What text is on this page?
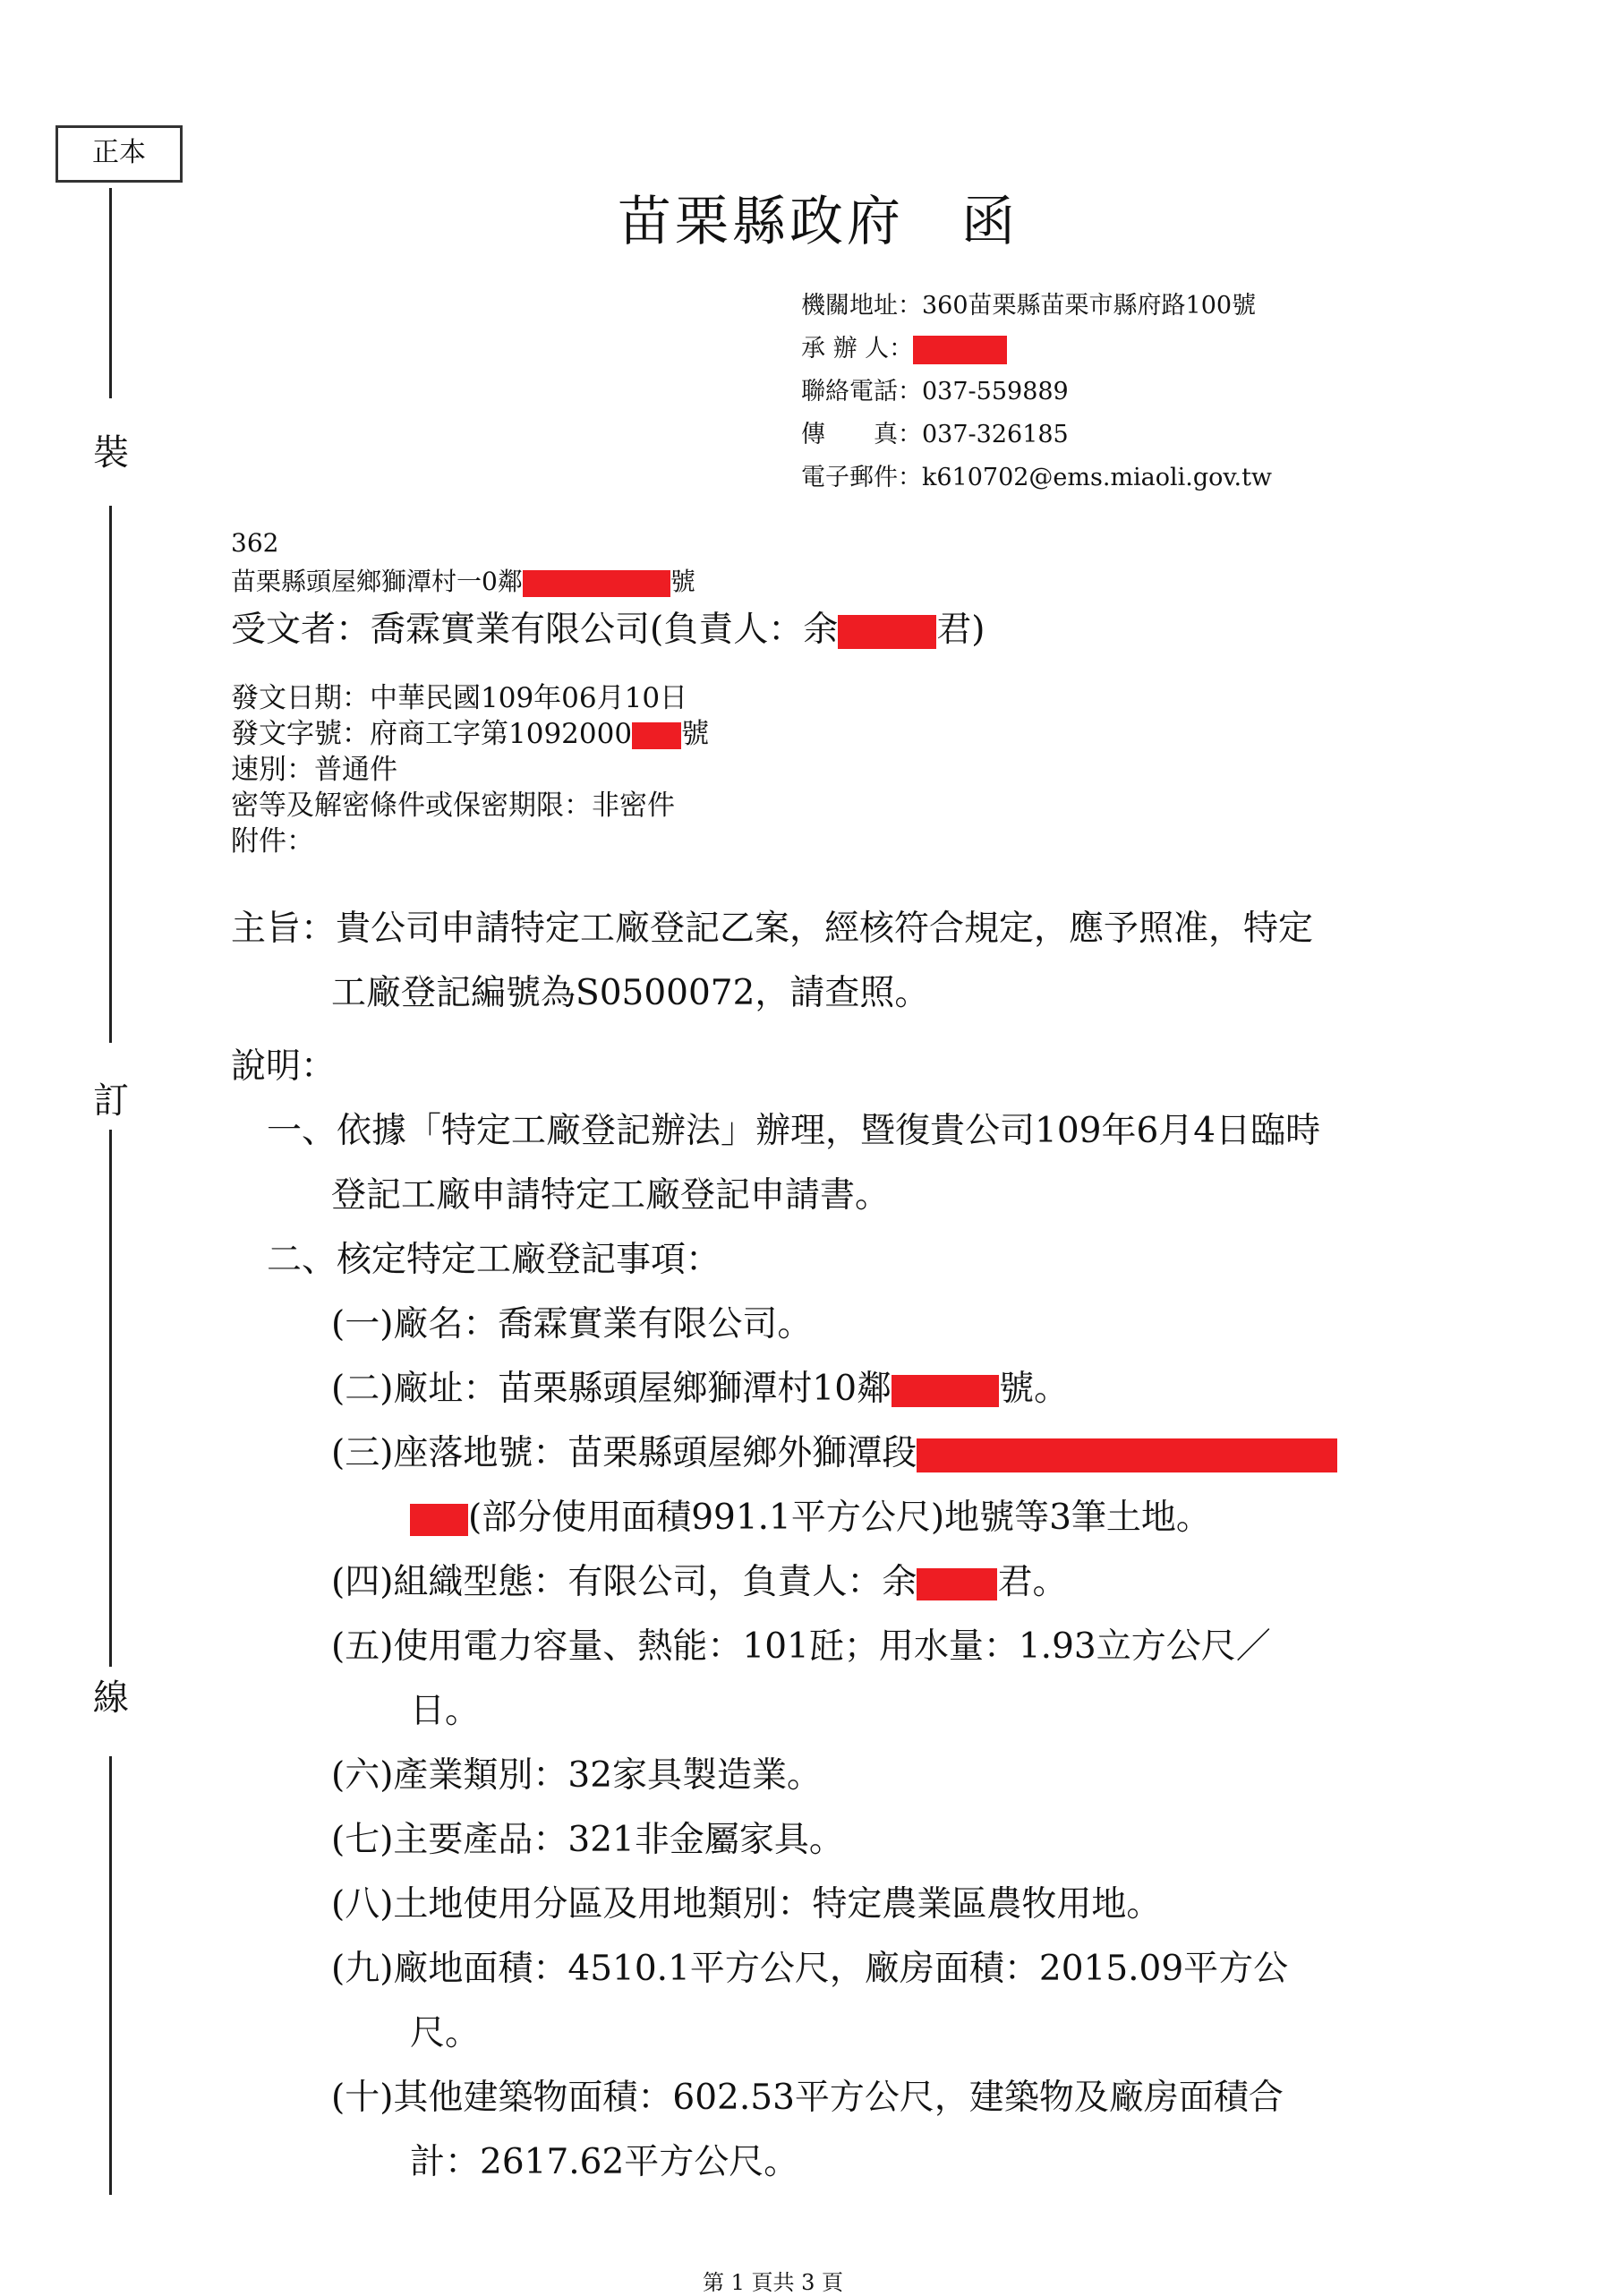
正本
裝
訂
線
苗栗縣政府　函
機關地址：360苗栗縣苗栗市縣府路100號
承 辦 人：
聯絡電話：037-559889
傳　　真：037-326185
電子郵件：k610702@ems.miaoli.gov.tw
362
苗栗縣頭屋鄉獅潭村一0鄰	號
受文者：喬霖實業有限公司(負責人：余	君)
發文日期：中華民國109年06月10日
發文字號：府商工字第1092000 號
速別：普通件
密等及解密條件或保密期限：非密件
附件：
主旨：貴公司申請特定工廠登記乙案，經核符合規定，應予照准，特定
工廠登記編號為S0500072，請查照。
說明：
一、依據「特定工廠登記辦法」辦理，暨復貴公司109年6月4日臨時
登記工廠申請特定工廠登記申請書。
二、核定特定工廠登記事項：
(一)廠名：喬霖實業有限公司。
(二)廠址：苗栗縣頭屋鄉獅潭村10鄰	號。
(三)座落地號：苗栗縣頭屋鄉外獅潭段
(部分使用面積991.1平方公尺)地號等3筆土地。
(四)組織型態：有限公司，負責人：余 君。
(五)使用電力容量、熱能：101瓩；用水量：1.93立方公尺／
日。
(六)產業類別：32家具製造業。
(七)主要產品：321非金屬家具。
(八)土地使用分區及用地類別：特定農業區農牧用地。
(九)廠地面積：4510.1平方公尺，廠房面積：2015.09平方公
尺。
(十)其他建築物面積：602.53平方公尺，建築物及廠房面積合
計：2617.62平方公尺。
第 1 頁共 3 頁
